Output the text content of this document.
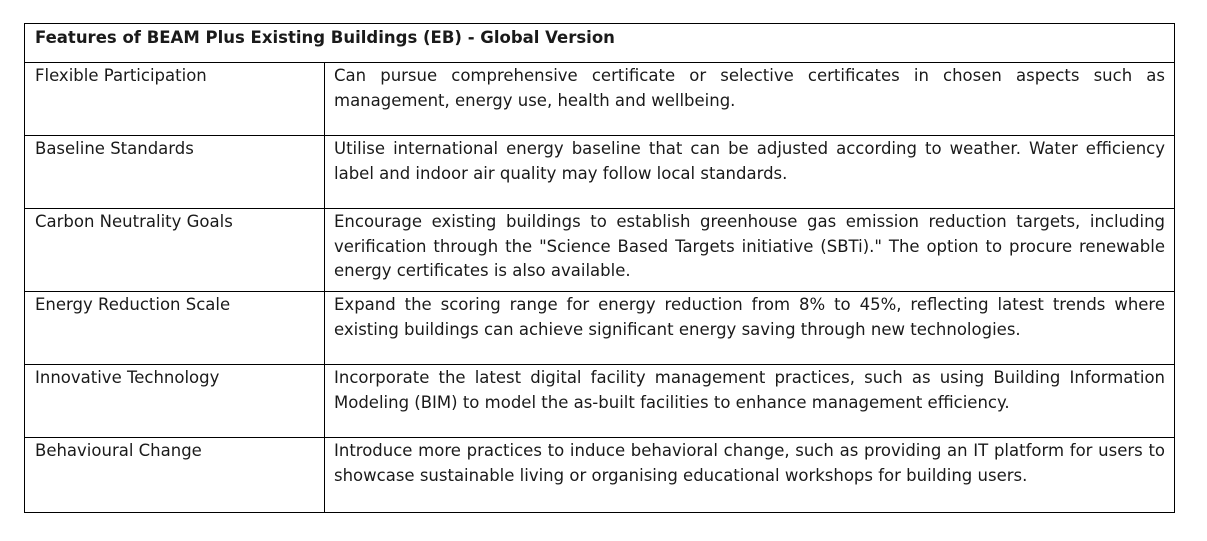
Features of BEAM Plus Existing Buildings (EB) - Global Version	
Flexible Participation	Can pursue comprehensive certificate or selective certificates in chosen aspects such as management, energy use, health and wellbeing.
Baseline Standards	Utilise international energy baseline that can be adjusted according to weather. Water efficiency label and indoor air quality may follow local standards.
Carbon Neutrality Goals	Encourage existing buildings to establish greenhouse gas emission reduction targets, including verification through the "Science Based Targets initiative (SBTi)." The option to procure renewable energy certificates is also available.
Energy Reduction Scale	Expand the scoring range for energy reduction from 8% to 45%, reflecting latest trends where existing buildings can achieve significant energy saving through new technologies.
Innovative Technology	Incorporate the latest digital facility management practices, such as using Building Information Modeling (BIM) to model the as-built facilities to enhance management efficiency.
Behavioural Change	Introduce more practices to induce behavioral change, such as providing an IT platform for users to showcase sustainable living or organising educational workshops for building users.
